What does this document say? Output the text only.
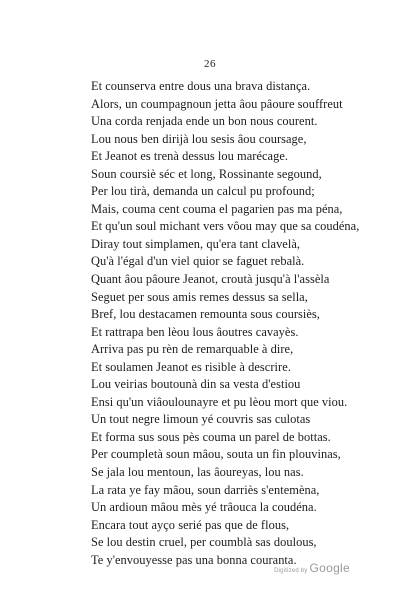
26
Et counserva entre dous una brava distança.
Alors, un coumpagnoun jetta âou pâoure souffreut
Una corda renjada ende un bon nous courent.
Lou nous ben dirijà lou sesis âou coursage,
Et Jeanot es trenà dessus lou marécage.
Soun coursiè séc et long, Rossinante segound,
Per lou tirà, demanda un calcul pu profound;
Mais, couma cent couma el pagarien pas ma péna,
Et qu'un soul michant vers vôou may que sa coudéna,
Diray tout simplamen, qu'era tant clavelà,
Qu'à l'égal d'un viel quior se faguet rebalà.
Quant âou pâoure Jeanot, croutà jusqu'à l'assèla
Seguet per sous amis remes dessus sa sella,
Bref, lou destacamen remounta sous coursiès,
Et rattrapa ben lèou lous âoutres cavayès.
Arriva pas pu rèn de remarquable à dire,
Et soulamen Jeanot es risible à descrire.
Lou veirias boutounà din sa vesta d'estiou
Ensi qu'un viâoulounayre et pu lèou mort que viou.
Un tout negre limoun yé couvris sas culotas
Et forma sus sous pès couma un parel de bottas.
Per coumpletà soun mâou, souta un fin plouvinas,
Se jala lou mentoun, las âoureyas, lou nas.
La rata ye fay mâou, soun darriès s'entemèna,
Un ardioun mâou mès yé trâouca la coudéna.
Encara tout ayço serié pas que de flous,
Se lou destin cruel, per coumblà sas doulous,
Te y'envouyesse pas una bonna couranta.
Digitized by Google
